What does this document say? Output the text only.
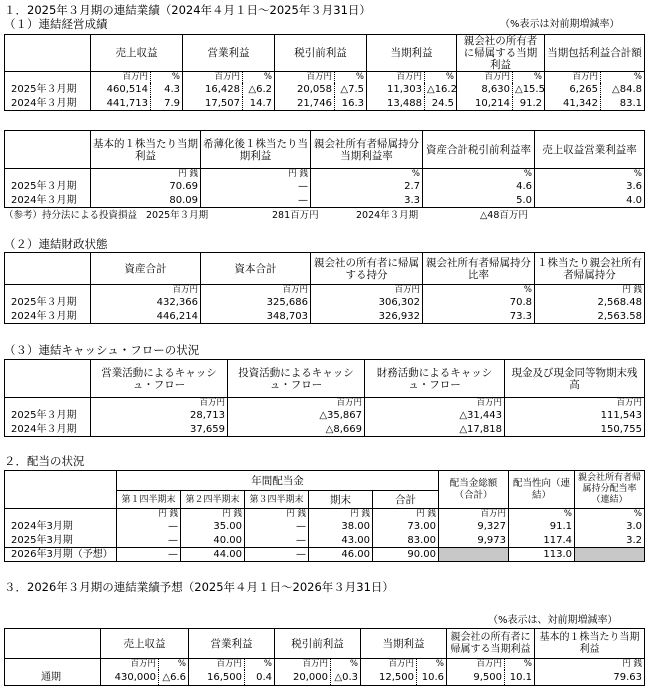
１．2025年３月期の連結業績（2024年４月１日～2025年３月31日）
（１）連結経営成績	（%表示は対前期増減率）
	売上収益		営業利益		税引前利益		当期利益		親会社の所有者に帰属する当期利益		当期包括利益合計額	
	百万円	%	百万円	%	百万円	%	百万円	%	百万円	%	百万円	%
2025年３月期	460,514	4.3	16,428	△6.2	20,058	△7.5	11,303	△16.2	8,630	△15.5	6,265	△84.8
2024年３月期	441,713	7.9	17,507	14.7	21,746	16.3	13,488	24.5	10,214	91.2	41,342	83.1
	基本的１株当たり当期利益	希薄化後１株当たり当期利益	親会社所有者帰属持分当期利益率	資産合計税引前利益率	売上収益営業利益率
	円 銭	円 銭	%	%	%
2025年３月期	70.69	—	2.7	4.6	3.6
2024年３月期	80.09	—	3.3	5.0	4.0
（参考）持分法による投資損益 2025年３月期	281百万円	2024年３月期	△48百万円
（２）連結財政状態
	資産合計	資本合計	親会社の所有者に帰属する持分	親会社所有者帰属持分比率	１株当たり親会社所有者帰属持分
	百万円	百万円	百万円	%	円 銭
2025年３月期	432,366	325,686	306,302	70.8	2,568.48
2024年３月期	446,214	348,703	326,932	73.3	2,563.58
（３）連結キャッシュ・フローの状況
	営業活動によるキャッシュ・フロー	投資活動によるキャッシュ・フロー	財務活動によるキャッシュ・フロー	現金及び現金同等物期末残高
	百万円	百万円	百万円	百万円
2025年３月期	28,713	△35,867	△31,443	111,543
2024年３月期	37,659	△8,669	△17,818	150,755
２．配当の状況
	年間配当金					配当金総額（合計）	配当性向（連結）	親会社所有者帰属持分配当率（連結）
	第１四半期末	第２四半期末	第３四半期末	期末	合計			
	円 銭	円 銭	円 銭	円 銭	円 銭	百万円	%	%
2024年3月期	—	35.00	—	38.00	73.00	9,327	91.1	3.0
2025年3月期	—	40.00	—	43.00	83.00	9,973	117.4	3.2
2026年3月期（予想）	—	44.00	—	46.00	90.00		113.0	
３．2026年３月期の連結業績予想（2025年４月１日～2026年３月31日）
（%表示は、対前期増減率）
	売上収益		営業利益		税引前利益		当期利益		親会社の所有者に帰属する当期利益		基本的１株当たり当期利益
	百万円	%	百万円	%	百万円	%	百万円	%	百万円	%	円 銭
通期	430,000	△6.6	16,500	0.4	20,000	△0.3	12,500	10.6	9,500	10.1	79.63
